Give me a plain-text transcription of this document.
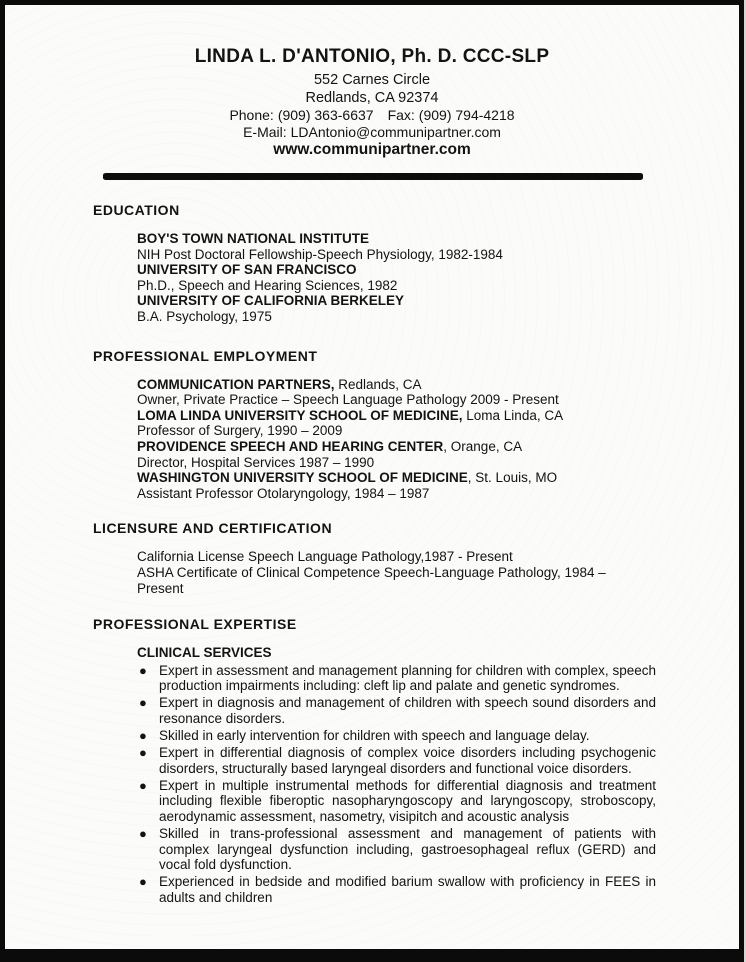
LINDA L. D'ANTONIO, Ph. D. CCC-SLP
552 Carnes Circle
Redlands, CA 92374
Phone: (909) 363-6637 Fax: (909) 794-4218
E-Mail: LDAntonio@communipartner.com
www.communipartner.com
EDUCATION
BOY'S TOWN NATIONAL INSTITUTE
NIH Post Doctoral Fellowship-Speech Physiology, 1982-1984
UNIVERSITY OF SAN FRANCISCO
Ph.D., Speech and Hearing Sciences, 1982
UNIVERSITY OF CALIFORNIA BERKELEY
B.A. Psychology, 1975
PROFESSIONAL EMPLOYMENT
COMMUNICATION PARTNERS, Redlands, CA
Owner, Private Practice – Speech Language Pathology 2009 - Present
LOMA LINDA UNIVERSITY SCHOOL OF MEDICINE, Loma Linda, CA
Professor of Surgery, 1990 – 2009
PROVIDENCE SPEECH AND HEARING CENTER, Orange, CA
Director, Hospital Services 1987 – 1990
WASHINGTON UNIVERSITY SCHOOL OF MEDICINE, St. Louis, MO
Assistant Professor Otolaryngology, 1984 – 1987
LICENSURE AND CERTIFICATION
California License Speech Language Pathology,1987 - Present
ASHA Certificate of Clinical Competence Speech-Language Pathology, 1984 – Present
PROFESSIONAL EXPERTISE
CLINICAL SERVICES
● Expert in assessment and management planning for children with complex, speech production impairments including: cleft lip and palate and genetic syndromes.
● Expert in diagnosis and management of children with speech sound disorders and resonance disorders.
● Skilled in early intervention for children with speech and language delay.
● Expert in differential diagnosis of complex voice disorders including psychogenic disorders, structurally based laryngeal disorders and functional voice disorders.
● Expert in multiple instrumental methods for differential diagnosis and treatment including flexible fiberoptic nasopharyngoscopy and laryngoscopy, stroboscopy, aerodynamic assessment, nasometry, visipitch and acoustic analysis
● Skilled in trans-professional assessment and management of patients with complex laryngeal dysfunction including, gastroesophageal reflux (GERD) and vocal fold dysfunction.
● Experienced in bedside and modified barium swallow with proficiency in FEES in adults and children
